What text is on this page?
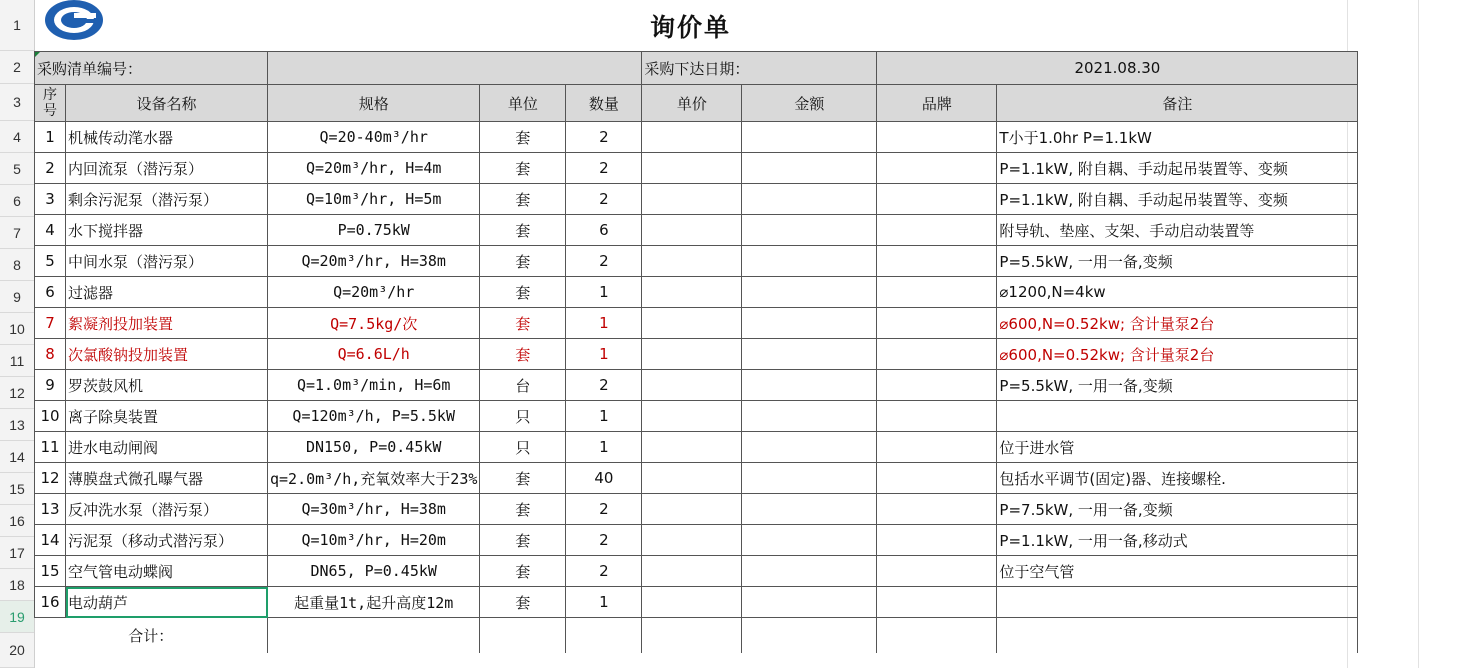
1
2
3
4
5
6
7
8
9
10
11
12
13
14
15
16
17
18
19
20
询价单
采购清单编号：					采购下达日期：		2021.08.30	
序号	设备名称	规格	单位	数量	单价	金额	品牌	备注
1	机械传动滗水器	Q=20-40m³/hr	套	2				T小于1.0hr P=1.1kW
2	内回流泵（潜污泵）	Q=20m³/hr, H=4m	套	2				P=1.1kW, 附自耦、手动起吊装置等、变频
3	剩余污泥泵（潜污泵）	Q=10m³/hr, H=5m	套	2				P=1.1kW, 附自耦、手动起吊装置等、变频
4	水下搅拌器	P=0.75kW	套	6				附导轨、垫座、支架、手动启动装置等
5	中间水泵（潜污泵）	Q=20m³/hr, H=38m	套	2				P=5.5kW, 一用一备,变频
6	过滤器	Q=20m³/hr	套	1				⌀1200,N=4kw
7	絮凝剂投加装置	Q=7.5kg/次	套	1				⌀600,N=0.52kw; 含计量泵2台
8	次氯酸钠投加装置	Q=6.6L/h	套	1				⌀600,N=0.52kw; 含计量泵2台
9	罗茨鼓风机	Q=1.0m³/min, H=6m	台	2				P=5.5kW, 一用一备,变频
10	离子除臭装置	Q=120m³/h, P=5.5kW	只	1				
11	进水电动闸阀	DN150, P=0.45kW	只	1				位于进水管
12	薄膜盘式微孔曝气器	q=2.0m³/h,充氧效率大于23%	套	40				包括水平调节(固定)器、连接螺栓.
13	反冲洗水泵（潜污泵）	Q=30m³/hr, H=38m	套	2				P=7.5kW, 一用一备,变频
14	污泥泵（移动式潜污泵）	Q=10m³/hr, H=20m	套	2				P=1.1kW, 一用一备,移动式
15	空气管电动蝶阀	DN65, P=0.45kW	套	2				位于空气管
16	电动葫芦	起重量1t,起升高度12m	套	1				
合计：								
